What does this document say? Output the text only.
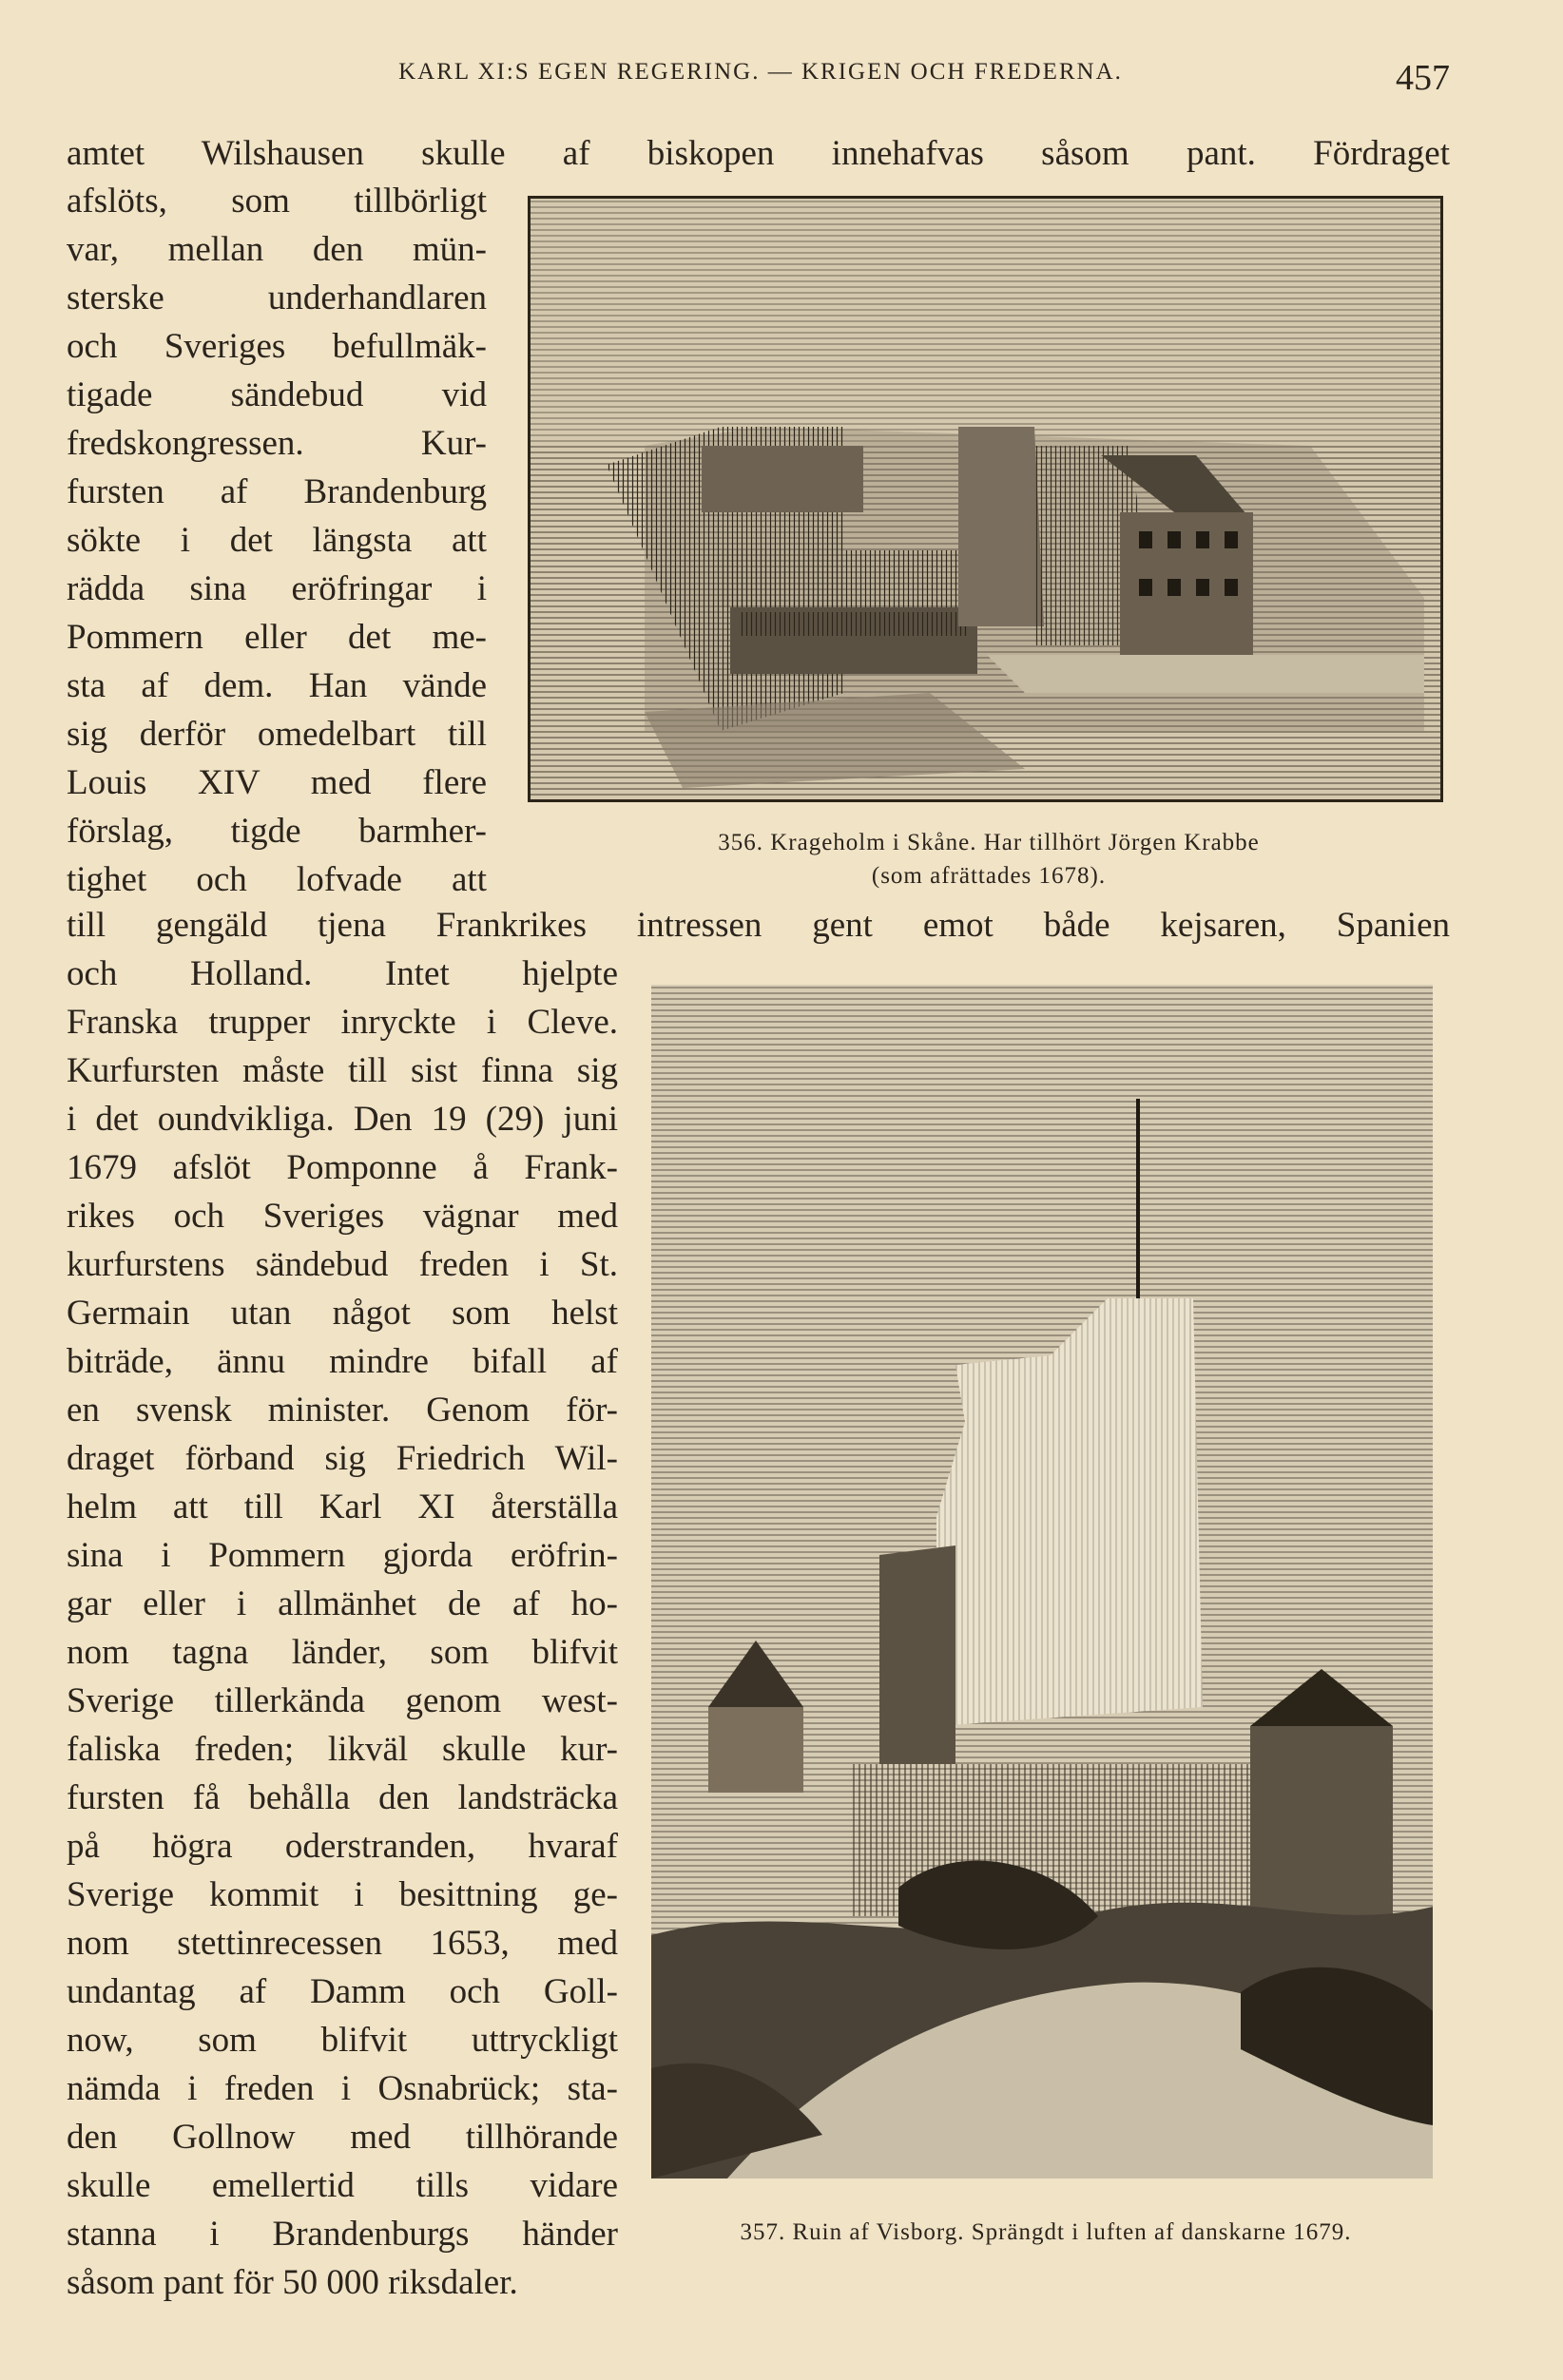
KARL XI:S EGEN REGERING. — KRIGEN OCH FREDERNA.	457
amtet Wilshausen skulle af biskopen innehafvas såsom pant. Fördraget
afslöts, som tillbörligt
var, mellan den mün-
sterske underhandlaren
och Sveriges befullmäk-
tigade sändebud vid
fredskongressen. Kur-
fursten af Brandenburg
sökte i det längsta att
rädda sina eröfringar i
Pommern eller det me-
sta af dem. Han vände
sig derför omedelbart till
Louis XIV med flere
förslag, tigde barmher-
tighet och lofvade att
356. Krageholm i Skåne. Har tillhört Jörgen Krabbe
(som afrättades 1678).
till gengäld tjena Frankrikes intressen gent emot både kejsaren, Spanien
och Holland. Intet hjelpte
Franska trupper inryckte i Cleve.
Kurfursten måste till sist finna sig
i det oundvikliga. Den 19 (29) juni
1679 afslöt Pomponne å Frank-
rikes och Sveriges vägnar med
kurfurstens sändebud freden i St.
Germain utan något som helst
biträde, ännu mindre bifall af
en svensk minister. Genom för-
draget förband sig Friedrich Wil-
helm att till Karl XI återställa
sina i Pommern gjorda eröfrin-
gar eller i allmänhet de af ho-
nom tagna länder, som blifvit
Sverige tillerkända genom west-
faliska freden; likväl skulle kur-
fursten få behålla den landsträcka
på högra oderstranden, hvaraf
Sverige kommit i besittning ge-
nom stettinrecessen 1653, med
undantag af Damm och Goll-
now, som blifvit uttryckligt
nämda i freden i Osnabrück; sta-
den Gollnow med tillhörande
skulle emellertid tills vidare
stanna i Brandenburgs händer
såsom pant för 50 000 riksdaler.
357. Ruin af Visborg. Sprängdt i luften af danskarne 1679.
